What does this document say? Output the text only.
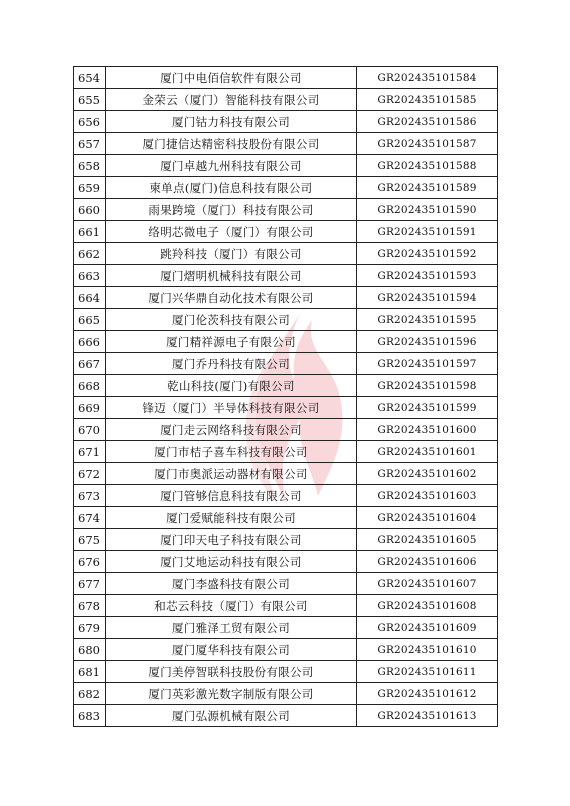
654	厦门中电佰信软件有限公司	GR202435101584
655	金荣云（厦门）智能科技有限公司	GR202435101585
656	厦门钴力科技有限公司	GR202435101586
657	厦门捷信达精密科技股份有限公司	GR202435101587
658	厦门卓越九州科技有限公司	GR202435101588
659	柬单点(厦门)信息科技有限公司	GR202435101589
660	雨果跨境（厦门）科技有限公司	GR202435101590
661	络明芯微电子（厦门）有限公司	GR202435101591
662	跳羚科技（厦门）有限公司	GR202435101592
663	厦门熠明机械科技有限公司	GR202435101593
664	厦门兴华鼎自动化技术有限公司	GR202435101594
665	厦门伦茨科技有限公司	GR202435101595
666	厦门精祥源电子有限公司	GR202435101596
667	厦门乔丹科技有限公司	GR202435101597
668	乾山科技(厦门)有限公司	GR202435101598
669	锋迈（厦门）半导体科技有限公司	GR202435101599
670	厦门走云网络科技有限公司	GR202435101600
671	厦门市桔子喜车科技有限公司	GR202435101601
672	厦门市奥派运动器材有限公司	GR202435101602
673	厦门管够信息科技有限公司	GR202435101603
674	厦门爱赋能科技有限公司	GR202435101604
675	厦门印天电子科技有限公司	GR202435101605
676	厦门艾地运动科技有限公司	GR202435101606
677	厦门李盛科技有限公司	GR202435101607
678	和芯云科技（厦门）有限公司	GR202435101608
679	厦门雅泽工贸有限公司	GR202435101609
680	厦门厦华科技有限公司	GR202435101610
681	厦门美停智联科技股份有限公司	GR202435101611
682	厦门英彩激光数字制版有限公司	GR202435101612
683	厦门弘源机械有限公司	GR202435101613
